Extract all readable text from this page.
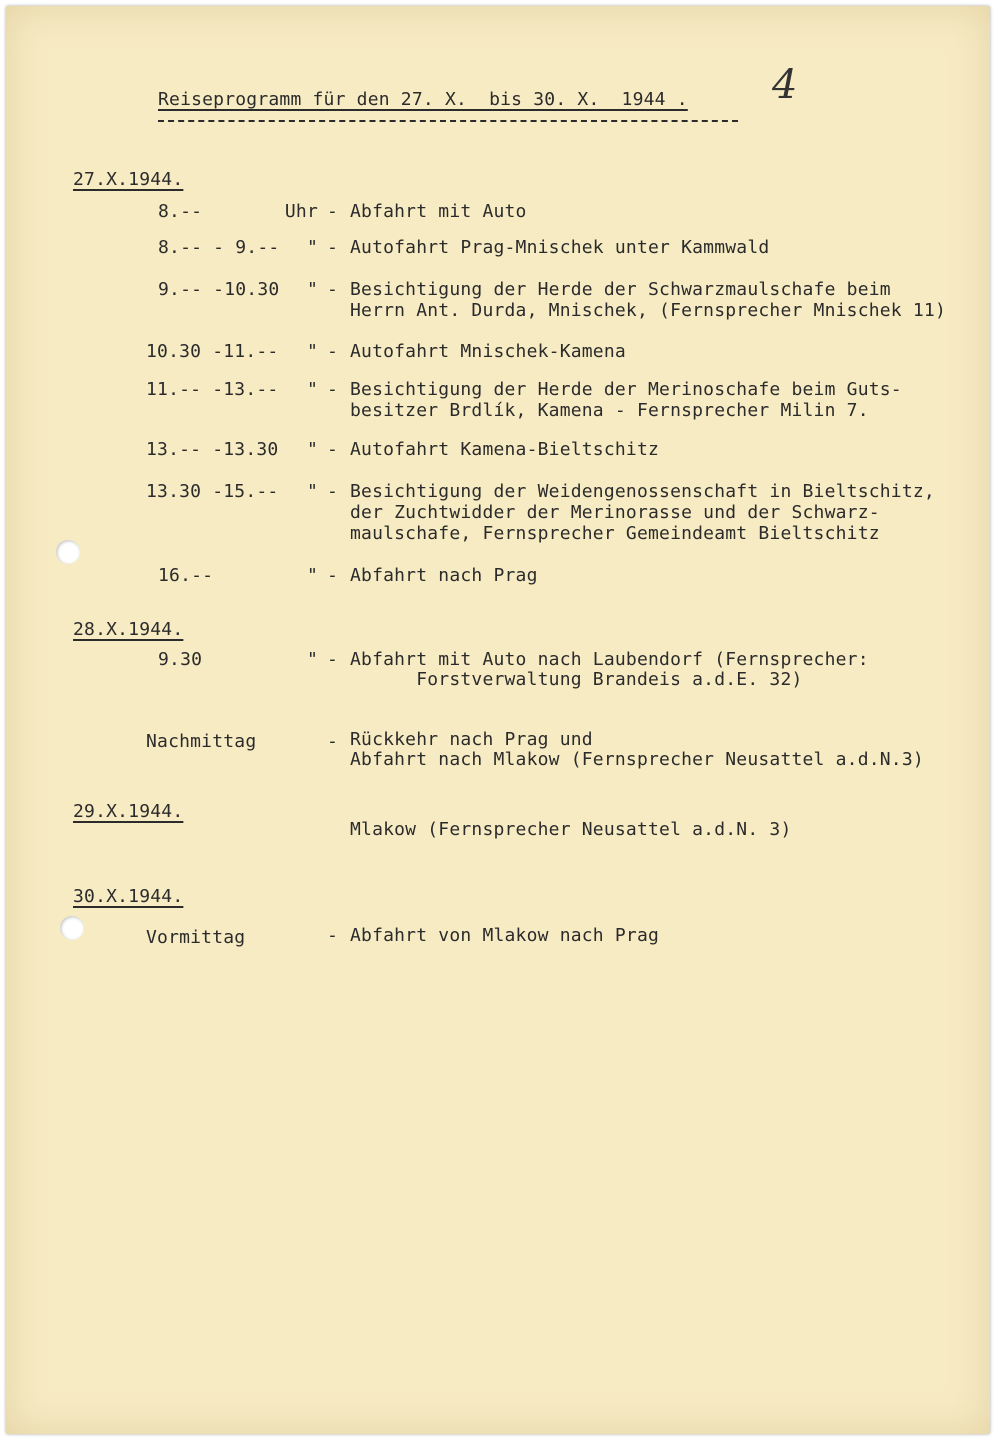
4
Reiseprogramm für den 27. X.  bis 30. X.  1944 .
27.X.1944.
8.--	Uhr - Abfahrt mit Auto
8.-- - 9.--	" - Autofahrt Prag-Mnischek unter Kammwald
9.-- -10.30	" - Besichtigung der Herde der Schwarzmaulschafe beim
Herrn Ant. Durda, Mnischek, (Fernsprecher Mnischek 11)
10.30 -11.--	" - Autofahrt Mnischek-Kamena
11.-- -13.--	" - Besichtigung der Herde der Merinoschafe beim Guts-
besitzer Brdlík, Kamena - Fernsprecher Milin 7.
13.-- -13.30	" - Autofahrt Kamena-Bieltschitz
13.30 -15.--	" - Besichtigung der Weidengenossenschaft in Bieltschitz,
der Zuchtwidder der Merinorasse und der Schwarz-
maulschafe, Fernsprecher Gemeindeamt Bieltschitz
16.--	" - Abfahrt nach Prag
28.X.1944.
9.30	" - Abfahrt mit Auto nach Laubendorf (Fernsprecher:
Forstverwaltung Brandeis a.d.E. 32)
Nachmittag	- Rückkehr nach Prag und
Abfahrt nach Mlakow (Fernsprecher Neusattel a.d.N.3)
29.X.1944.
Mlakow (Fernsprecher Neusattel a.d.N. 3)
30.X.1944.
Vormittag	- Abfahrt von Mlakow nach Prag
